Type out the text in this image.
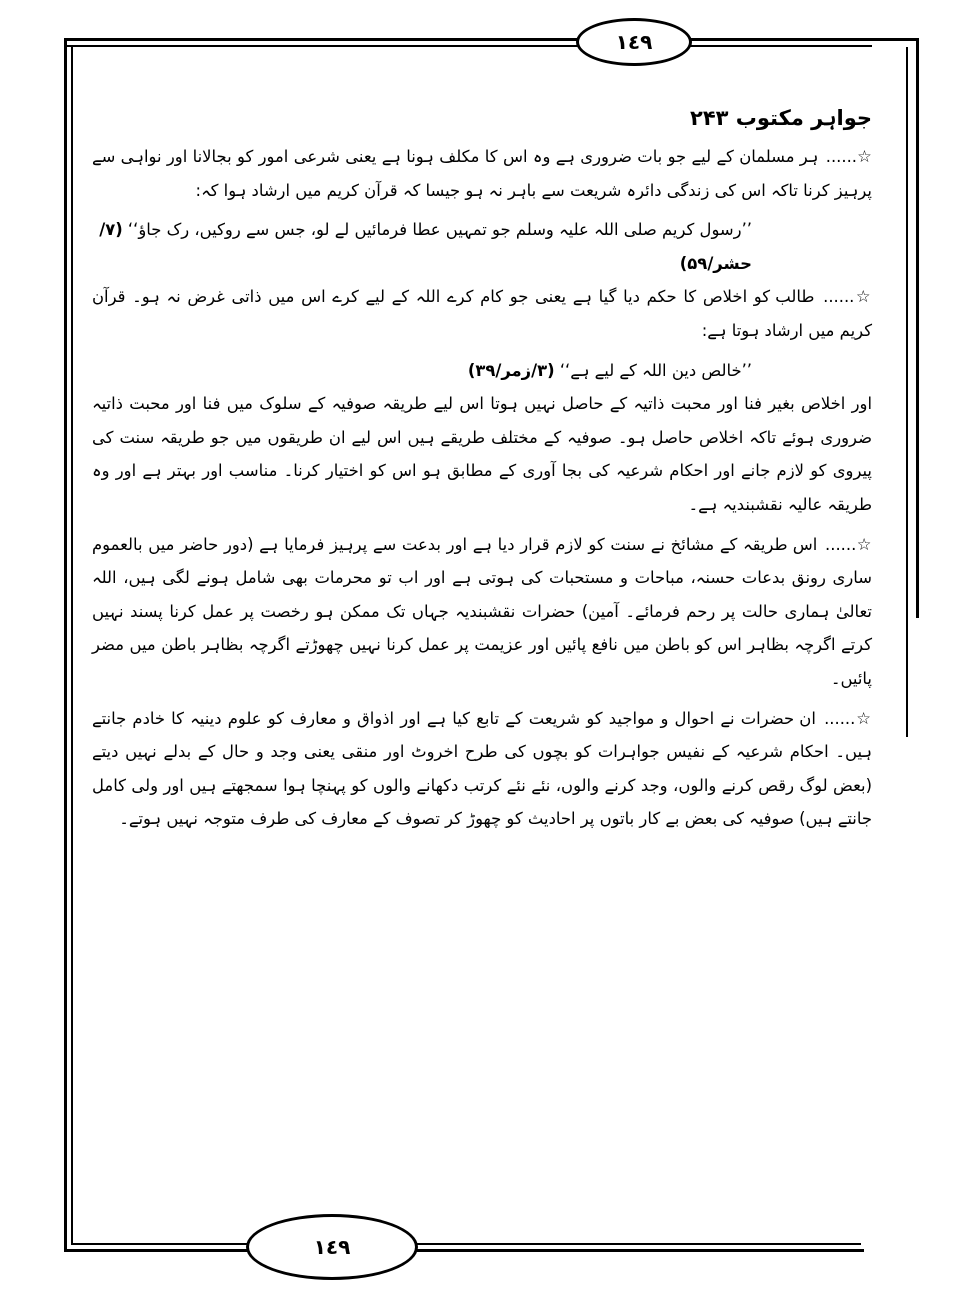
١٤٩
١٤٩
جواہر مکتوب ۲۴۳

☆...... ہر مسلمان کے لیے جو بات ضروری ہے وہ اس کا مکلف ہونا ہے یعنی شرعی امور کو بجالانا اور نواہی سے پرہیز کرنا تاکہ اس کی زندگی دائرہ شریعت سے باہر نہ ہو جیسا کہ قرآن کریم میں ارشاد ہوا کہ:

’’رسول کریم صلی اللہ علیہ وسلم جو تمہیں عطا فرمائیں لے لو، جس سے روکیں، رک جاؤ‘‘ (۷/حشر/۵۹)

☆...... طالب کو اخلاص کا حکم دیا گیا ہے یعنی جو کام کرے اللہ کے لیے کرے اس میں ذاتی غرض نہ ہو۔ قرآن کریم میں ارشاد ہوتا ہے:

’’خالص دین اللہ کے لیے ہے‘‘ (۳/زمر/۳۹)

اور اخلاص بغیر فنا اور محبت ذاتیہ کے حاصل نہیں ہوتا اس لیے طریقہ صوفیہ کے سلوک میں فنا اور محبت ذاتیہ ضروری ہوئے تاکہ اخلاص حاصل ہو۔ صوفیہ کے مختلف طریقے ہیں اس لیے ان طریقوں میں جو طریقہ سنت کی پیروی کو لازم جانے اور احکام شرعیہ کی بجا آوری کے مطابق ہو اس کو اختیار کرنا۔ مناسب اور بہتر ہے اور وہ طریقہ عالیہ نقشبندیہ ہے۔

☆...... اس طریقہ کے مشائخ نے سنت کو لازم قرار دیا ہے اور بدعت سے پرہیز فرمایا ہے (دور حاضر میں بالعموم ساری رونق بدعات حسنہ، مباحات و مستحبات کی ہوتی ہے اور اب تو محرمات بھی شامل ہونے لگی ہیں، اللہ تعالیٰ ہماری حالت پر رحم فرمائے۔ آمین) حضرات نقشبندیہ جہاں تک ممکن ہو رخصت پر عمل کرنا پسند نہیں کرتے اگرچہ بظاہر اس کو باطن میں نافع پائیں اور عزیمت پر عمل کرنا نہیں چھوڑتے اگرچہ بظاہر باطن میں مضر پائیں۔

☆...... ان حضرات نے احوال و مواجید کو شریعت کے تابع کیا ہے اور اذواق و معارف کو علوم دینیہ کا خادم جانتے ہیں۔ احکام شرعیہ کے نفیس جواہرات کو بچوں کی طرح اخروٹ اور منقی یعنی وجد و حال کے بدلے نہیں دیتے (بعض لوگ رقص کرنے والوں، وجد کرنے والوں، نئے نئے کرتب دکھانے والوں کو پہنچا ہوا سمجھتے ہیں اور ولی کامل جانتے ہیں) صوفیہ کی بعض بے کار باتوں پر احادیث کو چھوڑ کر تصوف کے معارف کی طرف متوجہ نہیں ہوتے۔
